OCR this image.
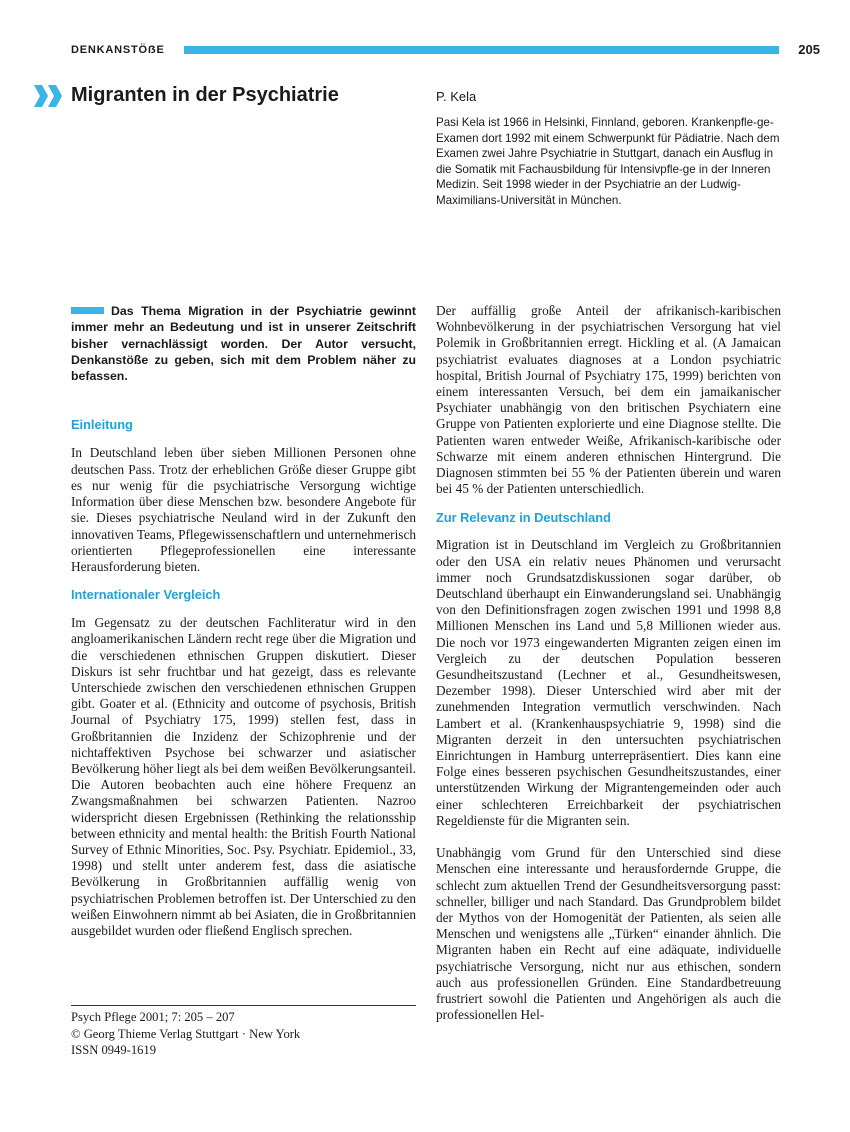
DENKANSTÖẞE	205
Migranten in der Psychiatrie	P. Kela
Pasi Kela ist 1966 in Helsinki, Finnland, geboren. Krankenpfle-ge-Examen dort 1992 mit einem Schwerpunkt für Pädiatrie. Nach dem Examen zwei Jahre Psychiatrie in Stuttgart, danach ein Ausflug in die Somatik mit Fachausbildung für Intensivpfle-ge in der Inneren Medizin. Seit 1998 wieder in der Psychiatrie an der Ludwig-Maximilians-Universität in München.

Das Thema Migration in der Psychiatrie gewinnt immer mehr an Bedeutung und ist in unserer Zeitschrift bisher vernachlässigt worden. Der Autor versucht, Denkanstöße zu geben, sich mit dem Problem näher zu befassen.

Einleitung

In Deutschland leben über sieben Millionen Personen ohne deutschen Pass. Trotz der erheblichen Größe dieser Gruppe gibt es nur wenig für die psychiatrische Versorgung wichtige Information über diese Menschen bzw. besondere Angebote für sie. Dieses psychiatrische Neuland wird in der Zukunft den innovativen Teams, Pflegewissenschaftlern und unternehmerisch orientierten Pflegeprofessionellen eine interessante Herausforderung bieten.

Internationaler Vergleich

Im Gegensatz zu der deutschen Fachliteratur wird in den angloamerikanischen Ländern recht rege über die Migration und die verschiedenen ethnischen Gruppen diskutiert. Dieser Diskurs ist sehr fruchtbar und hat gezeigt, dass es relevante Unterschiede zwischen den verschiedenen ethnischen Gruppen gibt. Goater et al. (Ethnicity and outcome of psychosis, British Journal of Psychiatry 175, 1999) stellen fest, dass in Großbritannien die Inzidenz der Schizophrenie und der nichtaffektiven Psychose bei schwarzer und asiatischer Bevölkerung höher liegt als bei dem weißen Bevölkerungsanteil. Die Autoren beobachten auch eine höhere Frequenz an Zwangsmaßnahmen bei schwarzen Patienten. Nazroo widerspricht diesen Ergebnissen (Rethinking the relationsship between ethnicity and mental health: the British Fourth National Survey of Ethnic Minorities, Soc. Psy. Psychiatr. Epidemiol., 33, 1998) und stellt unter anderem fest, dass die asiatische Bevölkerung in Großbritannien auffällig wenig von psychiatrischen Problemen betroffen ist. Der Unterschied zu den weißen Einwohnern nimmt ab bei Asiaten, die in Großbritannien ausgebildet wurden oder fließend Englisch sprechen.

Der auffällig große Anteil der afrikanisch-karibischen Wohnbevölkerung in der psychiatrischen Versorgung hat viel Polemik in Großbritannien erregt. Hickling et al. (A Jamaican psychiatrist evaluates diagnoses at a London psychiatric hospital, British Journal of Psychiatry 175, 1999) berichten von einem interessanten Versuch, bei dem ein jamaikanischer Psychiater unabhängig von den britischen Psychiatern eine Gruppe von Patienten explorierte und eine Diagnose stellte. Die Patienten waren entweder Weiße, Afrikanisch-karibische oder Schwarze mit einem anderen ethnischen Hintergrund. Die Diagnosen stimmten bei 55 % der Patienten überein und waren bei 45 % der Patienten unterschiedlich.

Zur Relevanz in Deutschland

Migration ist in Deutschland im Vergleich zu Großbritannien oder den USA ein relativ neues Phänomen und verursacht immer noch Grundsatzdiskussionen sogar darüber, ob Deutschland überhaupt ein Einwanderungsland sei. Unabhängig von den Definitionsfragen zogen zwischen 1991 und 1998 8,8 Millionen Menschen ins Land und 5,8 Millionen wieder aus. Die noch vor 1973 eingewanderten Migranten zeigen einen im Vergleich zu der deutschen Population besseren Gesundheitszustand (Lechner et al., Gesundheitswesen, Dezember 1998). Dieser Unterschied wird aber mit der zunehmenden Integration vermutlich verschwinden. Nach Lambert et al. (Krankenhauspsychiatrie 9, 1998) sind die Migranten derzeit in den untersuchten psychiatrischen Einrichtungen in Hamburg unterrepräsentiert. Dies kann eine Folge eines besseren psychischen Gesundheitszustandes, einer unterstützenden Wirkung der Migrantengemeinden oder auch einer schlechteren Erreichbarkeit der psychiatrischen Regeldienste für die Migranten sein.

Unabhängig vom Grund für den Unterschied sind diese Menschen eine interessante und herausfordernde Gruppe, die schlecht zum aktuellen Trend der Gesundheitsversorgung passt: schneller, billiger und nach Standard. Das Grundproblem bildet der Mythos von der Homogenität der Patienten, als seien alle Menschen und wenigstens alle „Türken“ einander ähnlich. Die Migranten haben ein Recht auf eine adäquate, individuelle psychiatrische Versorgung, nicht nur aus ethischen, sondern auch aus professionellen Gründen. Eine Standardbetreuung frustriert sowohl die Patienten und Angehörigen als auch die professionellen Hel-

Psych Pflege 2001; 7: 205 – 207
© Georg Thieme Verlag Stuttgart · New York
ISSN 0949-1619
